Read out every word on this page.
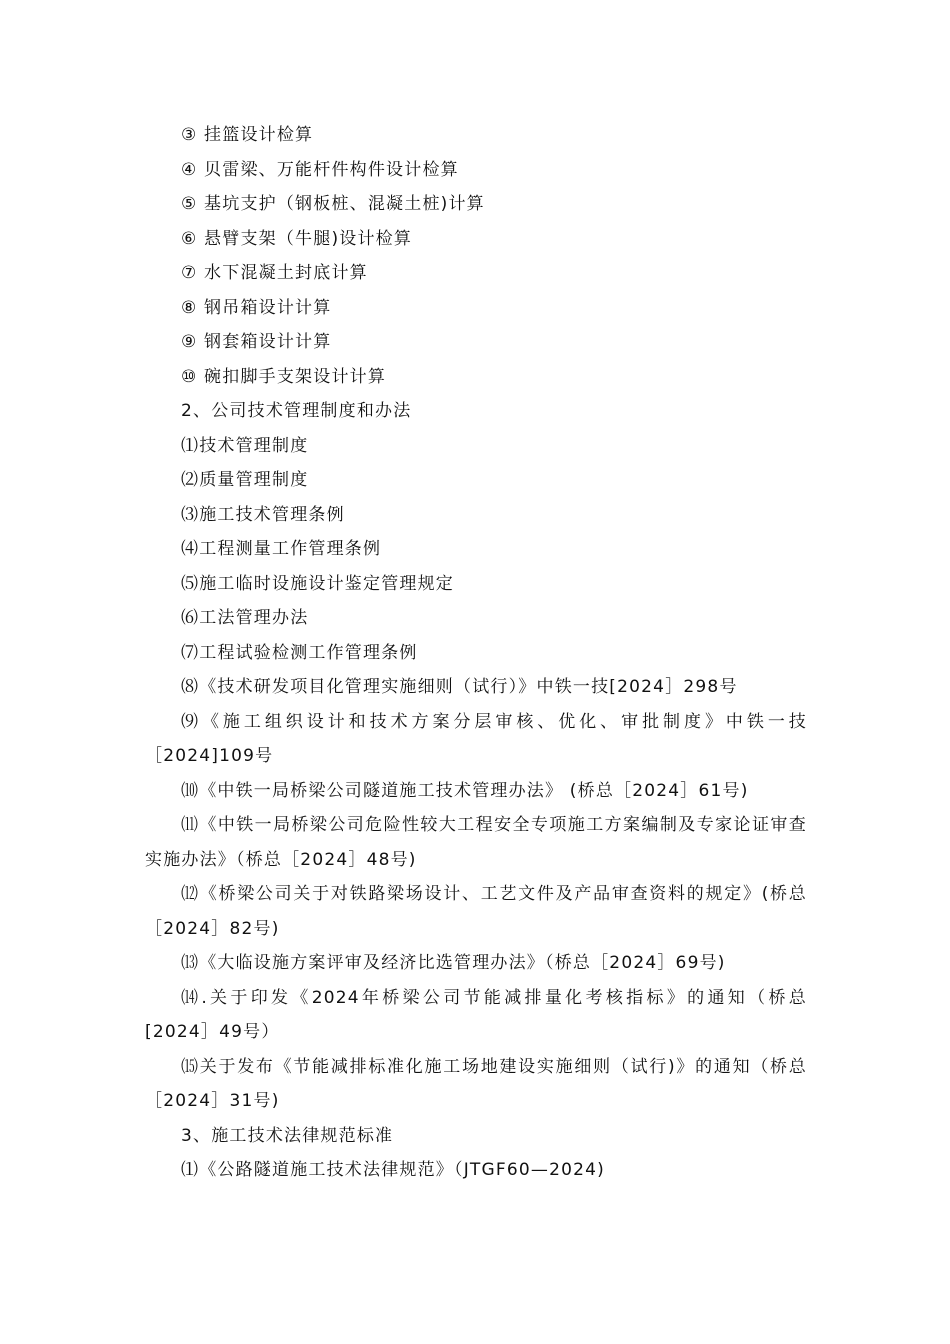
③ 挂篮设计检算
④ 贝雷梁、万能杆件构件设计检算
⑤ 基坑支护（钢板桩、混凝土桩)计算
⑥ 悬臂支架（牛腿)设计检算
⑦ 水下混凝土封底计算
⑧ 钢吊箱设计计算
⑨ 钢套箱设计计算
⑩ 碗扣脚手支架设计计算
2、公司技术管理制度和办法
⑴技术管理制度
⑵质量管理制度
⑶施工技术管理条例
⑷工程测量工作管理条例
⑸施工临时设施设计鉴定管理规定
⑹工法管理办法
⑺工程试验检测工作管理条例
⑻《技术研发项目化管理实施细则（试行）》中铁一技[2024］298号
⑼《施工组织设计和技术方案分层审核、优化、审批制度》中铁一技［2024]109号
⑽《中铁一局桥梁公司隧道施工技术管理办法》 (桥总［2024］61号)
⑾《中铁一局桥梁公司危险性较大工程安全专项施工方案编制及专家论证审查实施办法》（桥总［2024］48号)
⑿《桥梁公司关于对铁路梁场设计、工艺文件及产品审查资料的规定》(桥总［2024］82号)
⒀《大临设施方案评审及经济比选管理办法》（桥总［2024］69号)
⒁.关于印发《2024年桥梁公司节能减排量化考核指标》的通知（桥总[2024］49号）
⒂关于发布《节能减排标准化施工场地建设实施细则（试行)》的通知（桥总［2024］31号)
3、施工技术法律规范标准
⑴《公路隧道施工技术法律规范》（JTGF60—2024)
